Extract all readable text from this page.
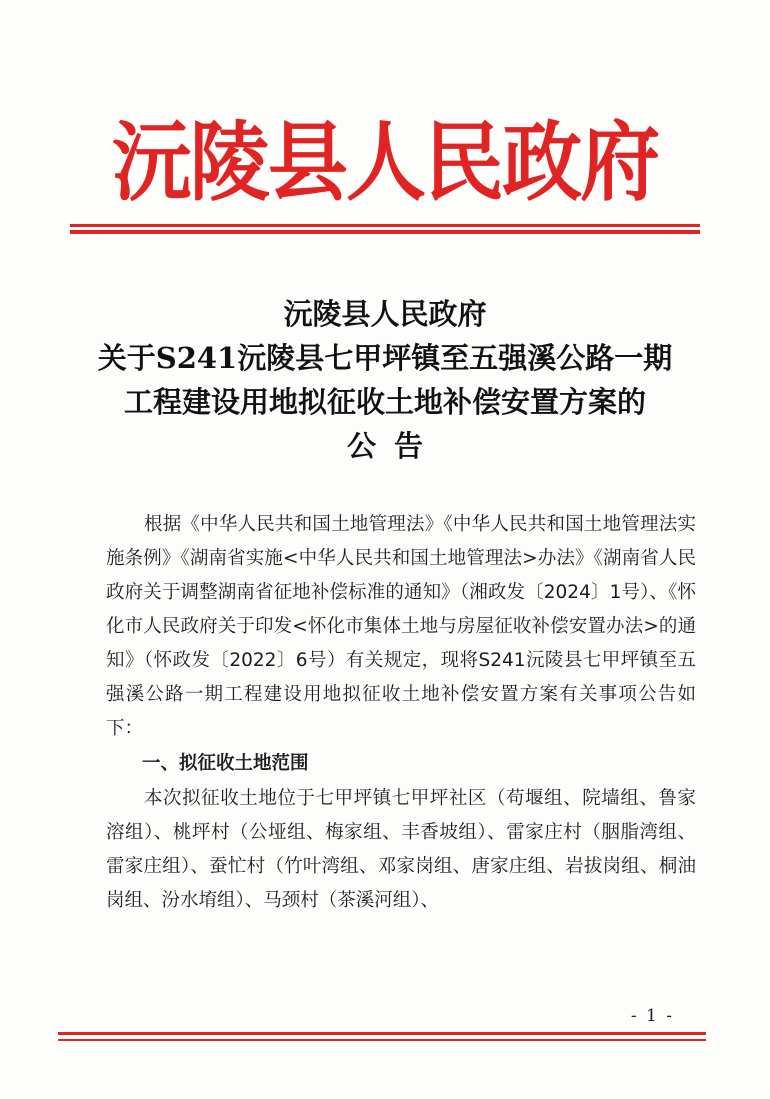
沅陵县人民政府
沅陵县人民政府
关于S241沅陵县七甲坪镇至五强溪公路一期
工程建设用地拟征收土地补偿安置方案的
公告

根据《中华人民共和国土地管理法》《中华人民共和国土地管理法实施条例》《湖南省实施<中华人民共和国土地管理法>办法》《湖南省人民政府关于调整湖南省征地补偿标准的通知》（湘政发〔2024〕1号）、《怀化市人民政府关于印发<怀化市集体土地与房屋征收补偿安置办法>的通知》（怀政发〔2022〕6号）有关规定，现将S241沅陵县七甲坪镇至五强溪公路一期工程建设用地拟征收土地补偿安置方案有关事项公告如下：

一、拟征收土地范围

本次拟征收土地位于七甲坪镇七甲坪社区（苟堰组、院墙组、鲁家溶组）、桃坪村（公垭组、梅家组、丰香坡组）、雷家庄村（胭脂湾组、雷家庄组）、蚕忙村（竹叶湾组、邓家岗组、唐家庄组、岩拔岗组、桐油岗组、汾水堉组）、马颈村（茶溪河组）、

- 1 -
